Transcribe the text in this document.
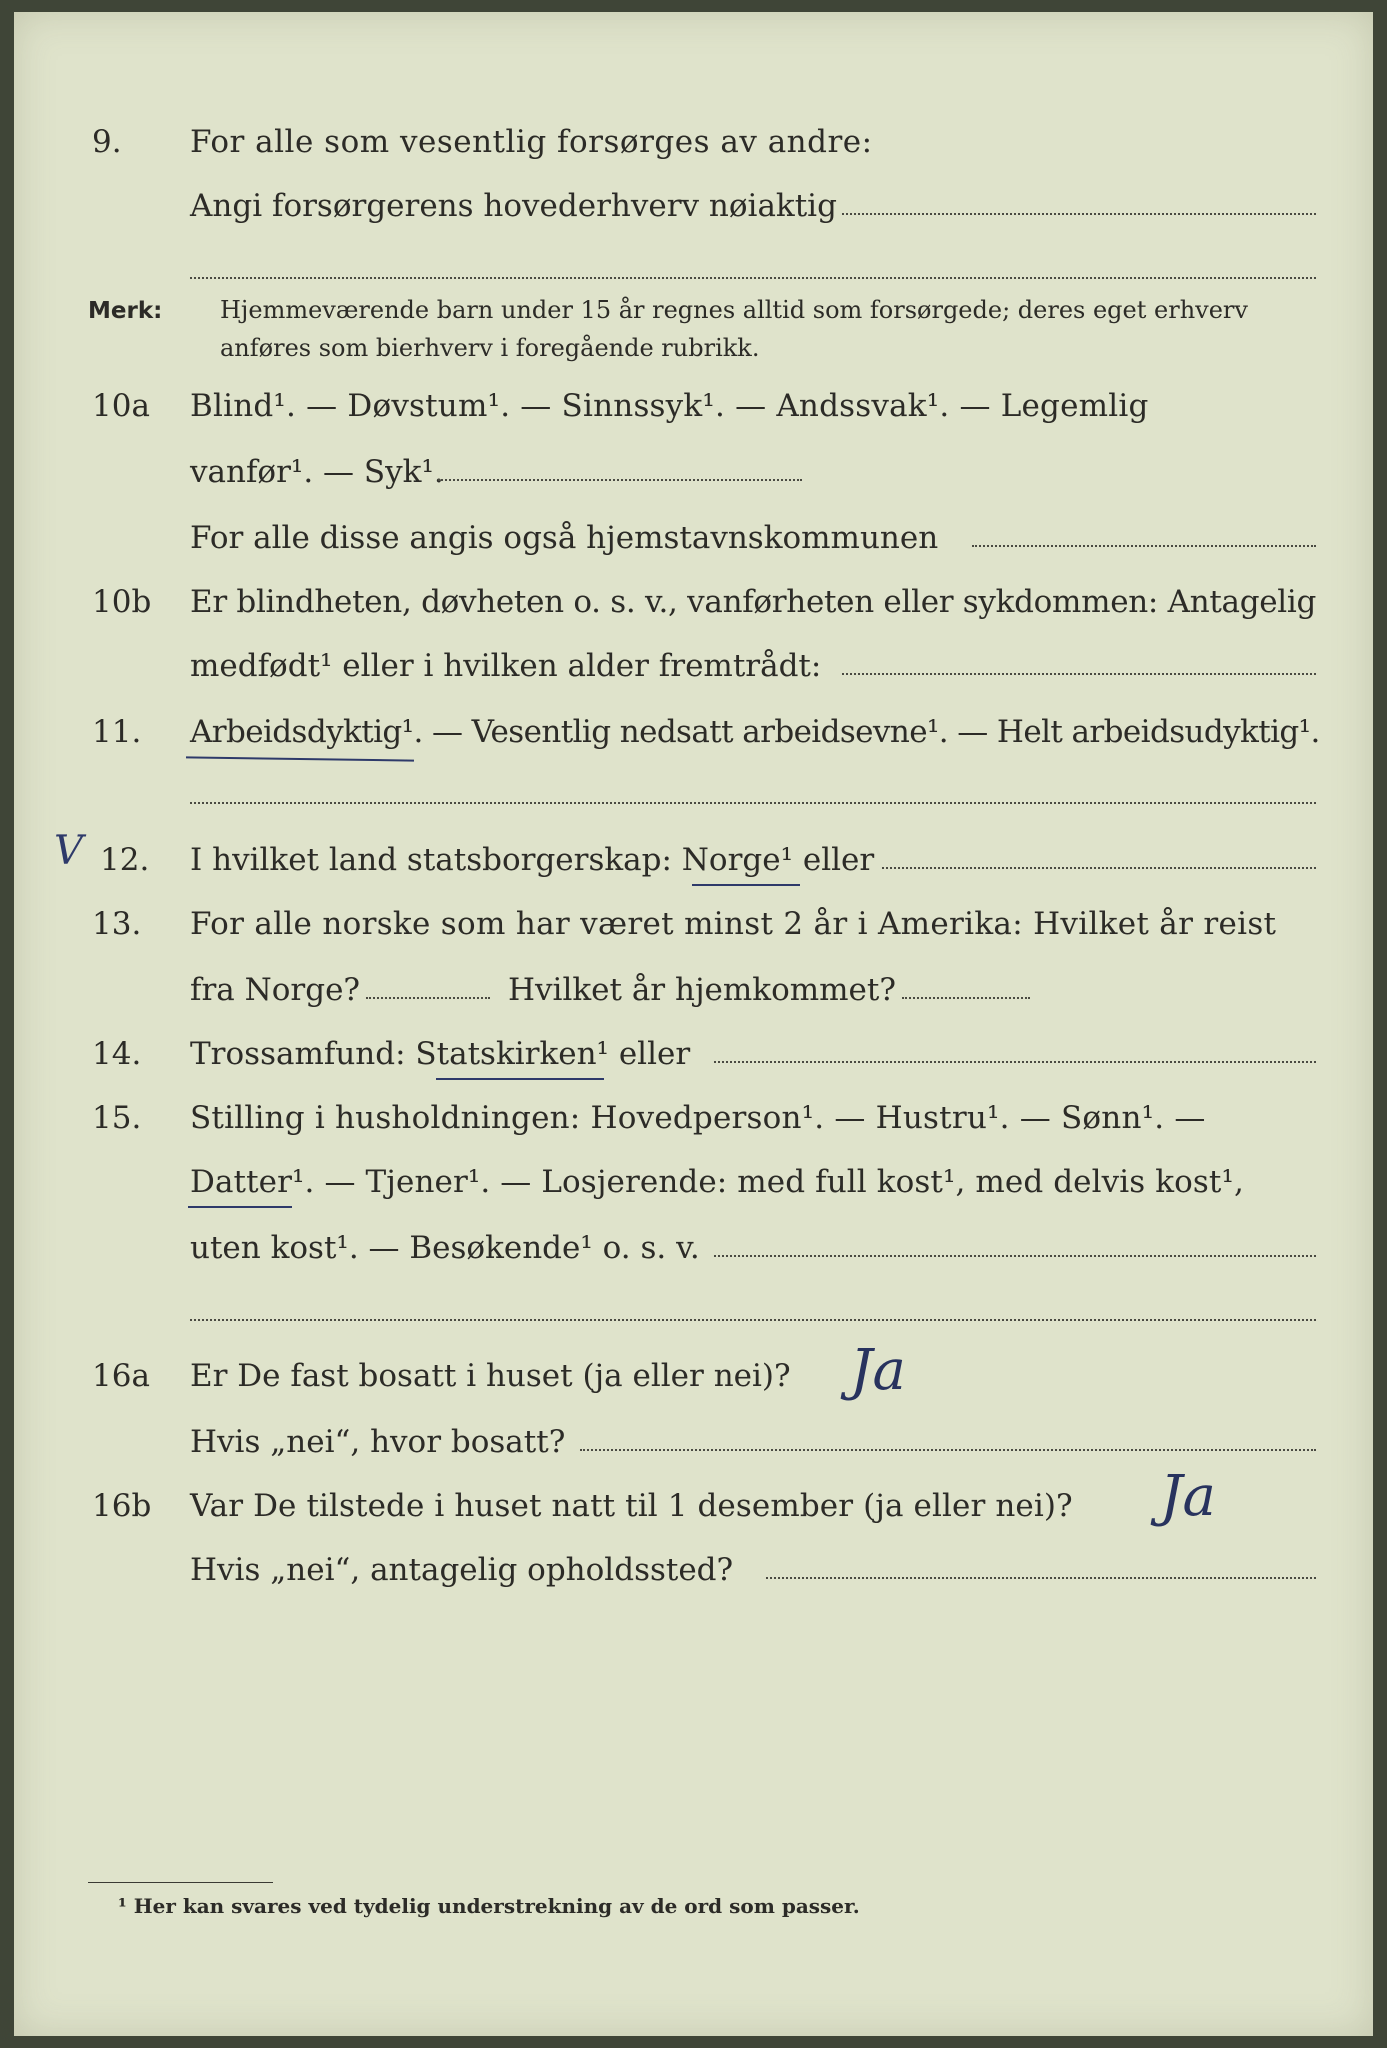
9. For alle som vesentlig forsørges av andre:
Angi forsørgerens hovederhverv nøiaktig
Merk: Hjemmeværende barn under 15 år regnes alltid som forsørgede; deres eget erhverv
anføres som bierhverv i foregående rubrikk.
10a Blind¹. — Døvstum¹. — Sinnssyk¹. — Andssvak¹. — Legemlig
vanfør¹. — Syk¹.
For alle disse angis også hjemstavnskommunen
10b Er blindheten, døvheten o. s. v., vanførheten eller sykdommen: Antagelig
medfødt¹ eller i hvilken alder fremtrådt:
11. Arbeidsdyktig¹. — Vesentlig nedsatt arbeidsevne¹. — Helt arbeidsudyktig¹.
V 12. I hvilket land statsborgerskap: Norge¹ eller
13. For alle norske som har været minst 2 år i Amerika: Hvilket år reist
fra Norge?	Hvilket år hjemkommet?
14. Trossamfund: Statskirken¹ eller
15. Stilling i husholdningen: Hovedperson¹. — Hustru¹. — Sønn¹. —
Datter¹. — Tjener¹. — Losjerende: med full kost¹, med delvis kost¹,
uten kost¹. — Besøkende¹ o. s. v.
16a Er De fast bosatt i huset (ja eller nei)? Ja
Hvis „nei“, hvor bosatt?
16b Var De tilstede i huset natt til 1 desember (ja eller nei)? Ja
Hvis „nei“, antagelig opholdssted?
¹ Her kan svares ved tydelig understrekning av de ord som passer.
